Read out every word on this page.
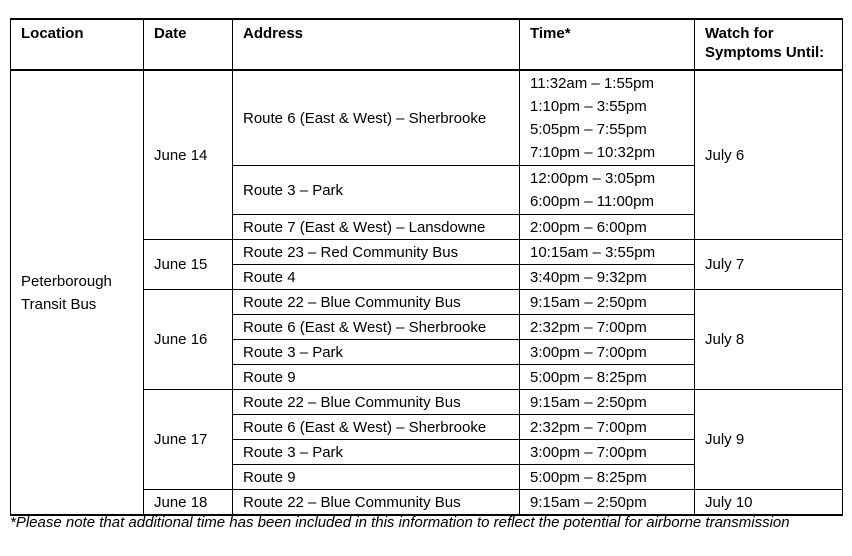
Location	Date	Address	Time*	Watch for Symptoms Until:
Peterborough Transit Bus	June 14	Route 6 (East & West) – Sherbrooke	11:32am – 1:55pm
1:10pm – 3:55pm
5:05pm – 7:55pm
7:10pm – 10:32pm	July 6
		Route 3 – Park	12:00pm – 3:05pm
6:00pm – 11:00pm	

		Route 7 (East & West) – Lansdowne	2:00pm – 6:00pm	

	June 15	Route 23 – Red Community Bus	10:15am – 3:55pm	July 7
		Route 4	3:40pm – 9:32pm	

	June 16	Route 22 – Blue Community Bus	9:15am – 2:50pm	July 8
		Route 6 (East & West) – Sherbrooke	2:32pm – 7:00pm	

		Route 3 – Park	3:00pm – 7:00pm	

		Route 9	5:00pm – 8:25pm	

	June 17	Route 22 – Blue Community Bus	9:15am – 2:50pm	July 9
		Route 6 (East & West) – Sherbrooke	2:32pm – 7:00pm	

		Route 3 – Park	3:00pm – 7:00pm	

		Route 9	5:00pm – 8:25pm	

	June 18	Route 22 – Blue Community Bus	9:15am – 2:50pm	July 10
*Please note that additional time has been included in this information to reflect the potential for airborne transmission
